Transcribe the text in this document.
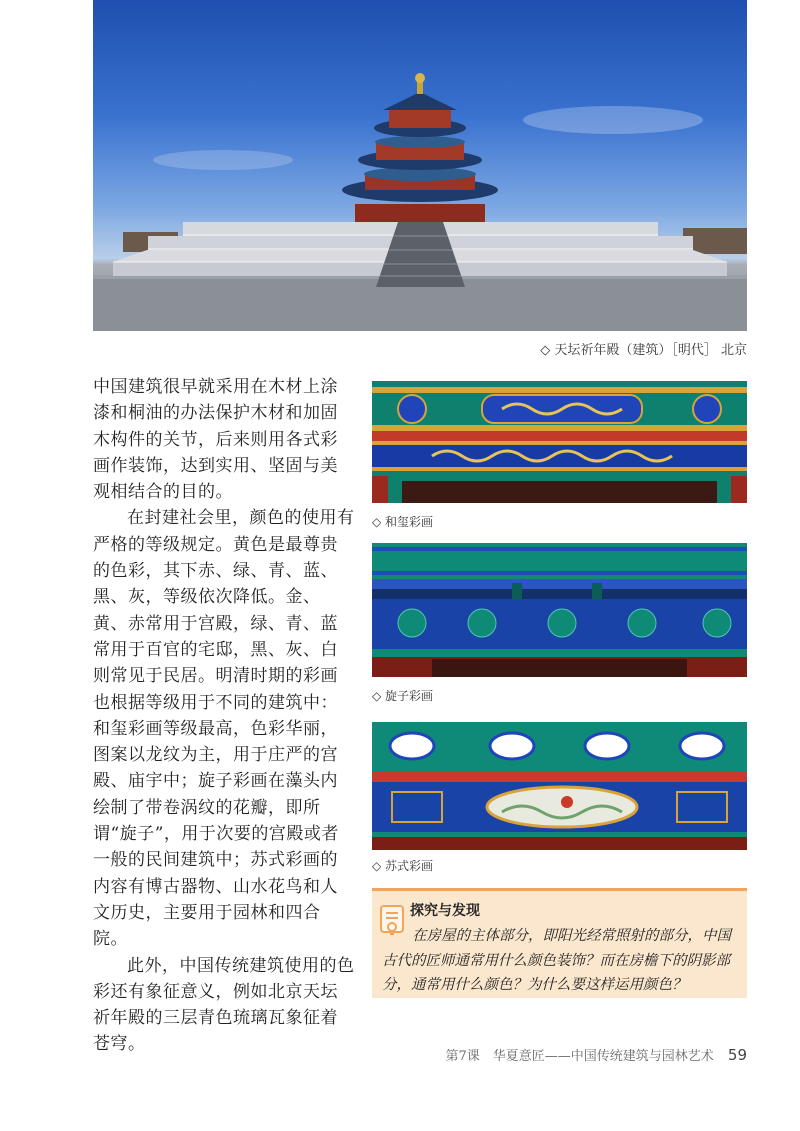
◇ 天坛祈年殿（建筑）［明代］ 北京

中国建筑很早就采用在木材上涂漆和桐油的办法保护木材和加固木构件的关节，后来则用各式彩画作装饰，达到实用、坚固与美观相结合的目的。

在封建社会里，颜色的使用有严格的等级规定。黄色是最尊贵的色彩，其下赤、绿、青、蓝、黑、灰，等级依次降低。金、黄、赤常用于宫殿，绿、青、蓝常用于百官的宅邸，黑、灰、白则常见于民居。明清时期的彩画也根据等级用于不同的建筑中：和玺彩画等级最高，色彩华丽，图案以龙纹为主，用于庄严的宫殿、庙宇中；旋子彩画在藻头内绘制了带卷涡纹的花瓣，即所谓“旋子”，用于次要的宫殿或者一般的民间建筑中；苏式彩画的内容有博古器物、山水花鸟和人文历史，主要用于园林和四合院。

此外，中国传统建筑使用的色彩还有象征意义，例如北京天坛祈年殿的三层青色琉璃瓦象征着苍穹。

◇ 和玺彩画
◇ 旋子彩画
◇ 苏式彩画
探究与发现
在房屋的主体部分，即阳光经常照射的部分，中国古代的匠师通常用什么颜色装饰？而在房檐下的阴影部分，通常用什么颜色？为什么要这样运用颜色？
第7课　华夏意匠——中国传统建筑与园林艺术 59
